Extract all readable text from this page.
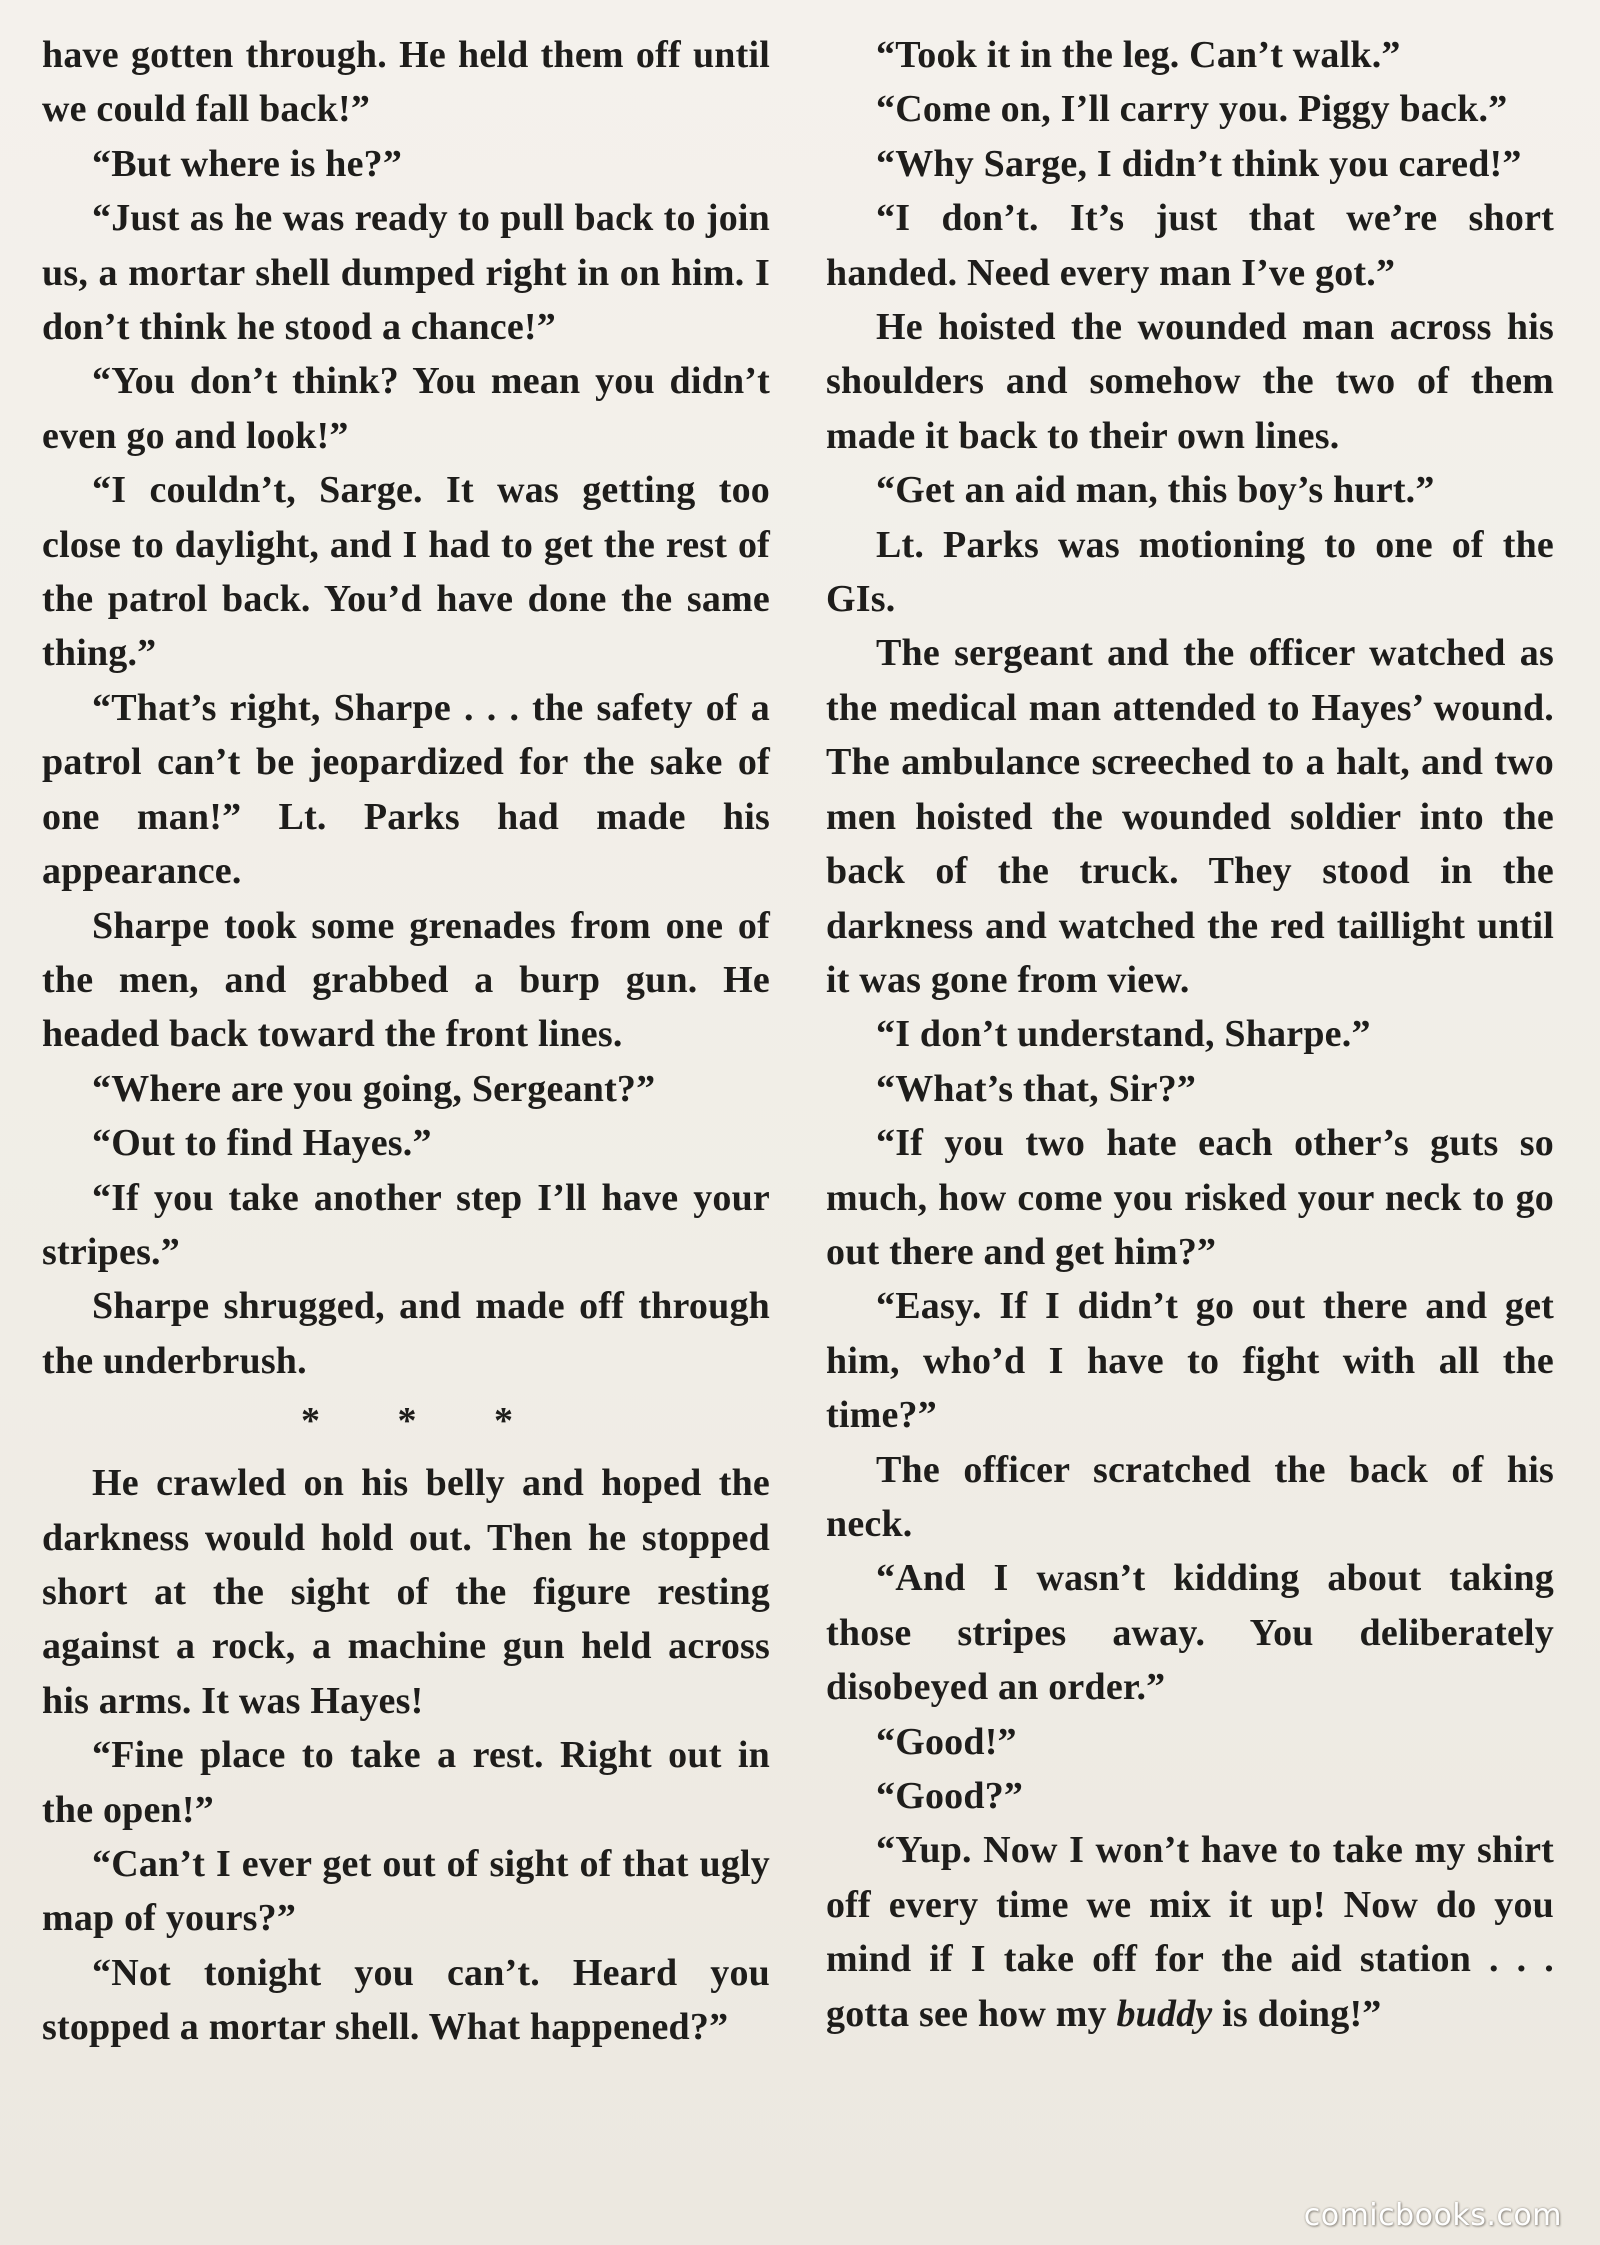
have gotten through. He held them off until we could fall back!”

“But where is he?”

“Just as he was ready to pull back to join us, a mortar shell dumped right in on him. I don’t think he stood a chance!”

“You don’t think? You mean you didn’t even go and look!”

“I couldn’t, Sarge. It was getting too close to daylight, and I had to get the rest of the patrol back. You’d have done the same thing.”

“That’s right, Sharpe . . . the safety of a patrol can’t be jeopardized for the sake of one man!” Lt. Parks had made his appearance.

Sharpe took some grenades from one of the men, and grabbed a burp gun. He headed back toward the front lines.

“Where are you going, Sergeant?”

“Out to find Hayes.”

“If you take another step I’ll have your stripes.”

Sharpe shrugged, and made off through the underbrush.

* * *

He crawled on his belly and hoped the darkness would hold out. Then he stopped short at the sight of the figure resting against a rock, a machine gun held across his arms. It was Hayes!

“Fine place to take a rest. Right out in the open!”

“Can’t I ever get out of sight of that ugly map of yours?”

“Not tonight you can’t. Heard you stopped a mortar shell. What happened?”

“Took it in the leg. Can’t walk.”

“Come on, I’ll carry you. Piggy back.”

“Why Sarge, I didn’t think you cared!”

“I don’t. It’s just that we’re short handed. Need every man I’ve got.”

He hoisted the wounded man across his shoulders and somehow the two of them made it back to their own lines.

“Get an aid man, this boy’s hurt.”

Lt. Parks was motioning to one of the GIs.

The sergeant and the officer watched as the medical man attended to Hayes’ wound. The ambulance screeched to a halt, and two men hoisted the wounded soldier into the back of the truck. They stood in the darkness and watched the red taillight until it was gone from view.

“I don’t understand, Sharpe.”

“What’s that, Sir?”

“If you two hate each other’s guts so much, how come you risked your neck to go out there and get him?”

“Easy. If I didn’t go out there and get him, who’d I have to fight with all the time?”

The officer scratched the back of his neck.

“And I wasn’t kidding about taking those stripes away. You deliberately disobeyed an order.”

“Good!”

“Good?”

“Yup. Now I won’t have to take my shirt off every time we mix it up! Now do you mind if I take off for the aid station . . . gotta see how my buddy is doing!”

comicbooks.com
